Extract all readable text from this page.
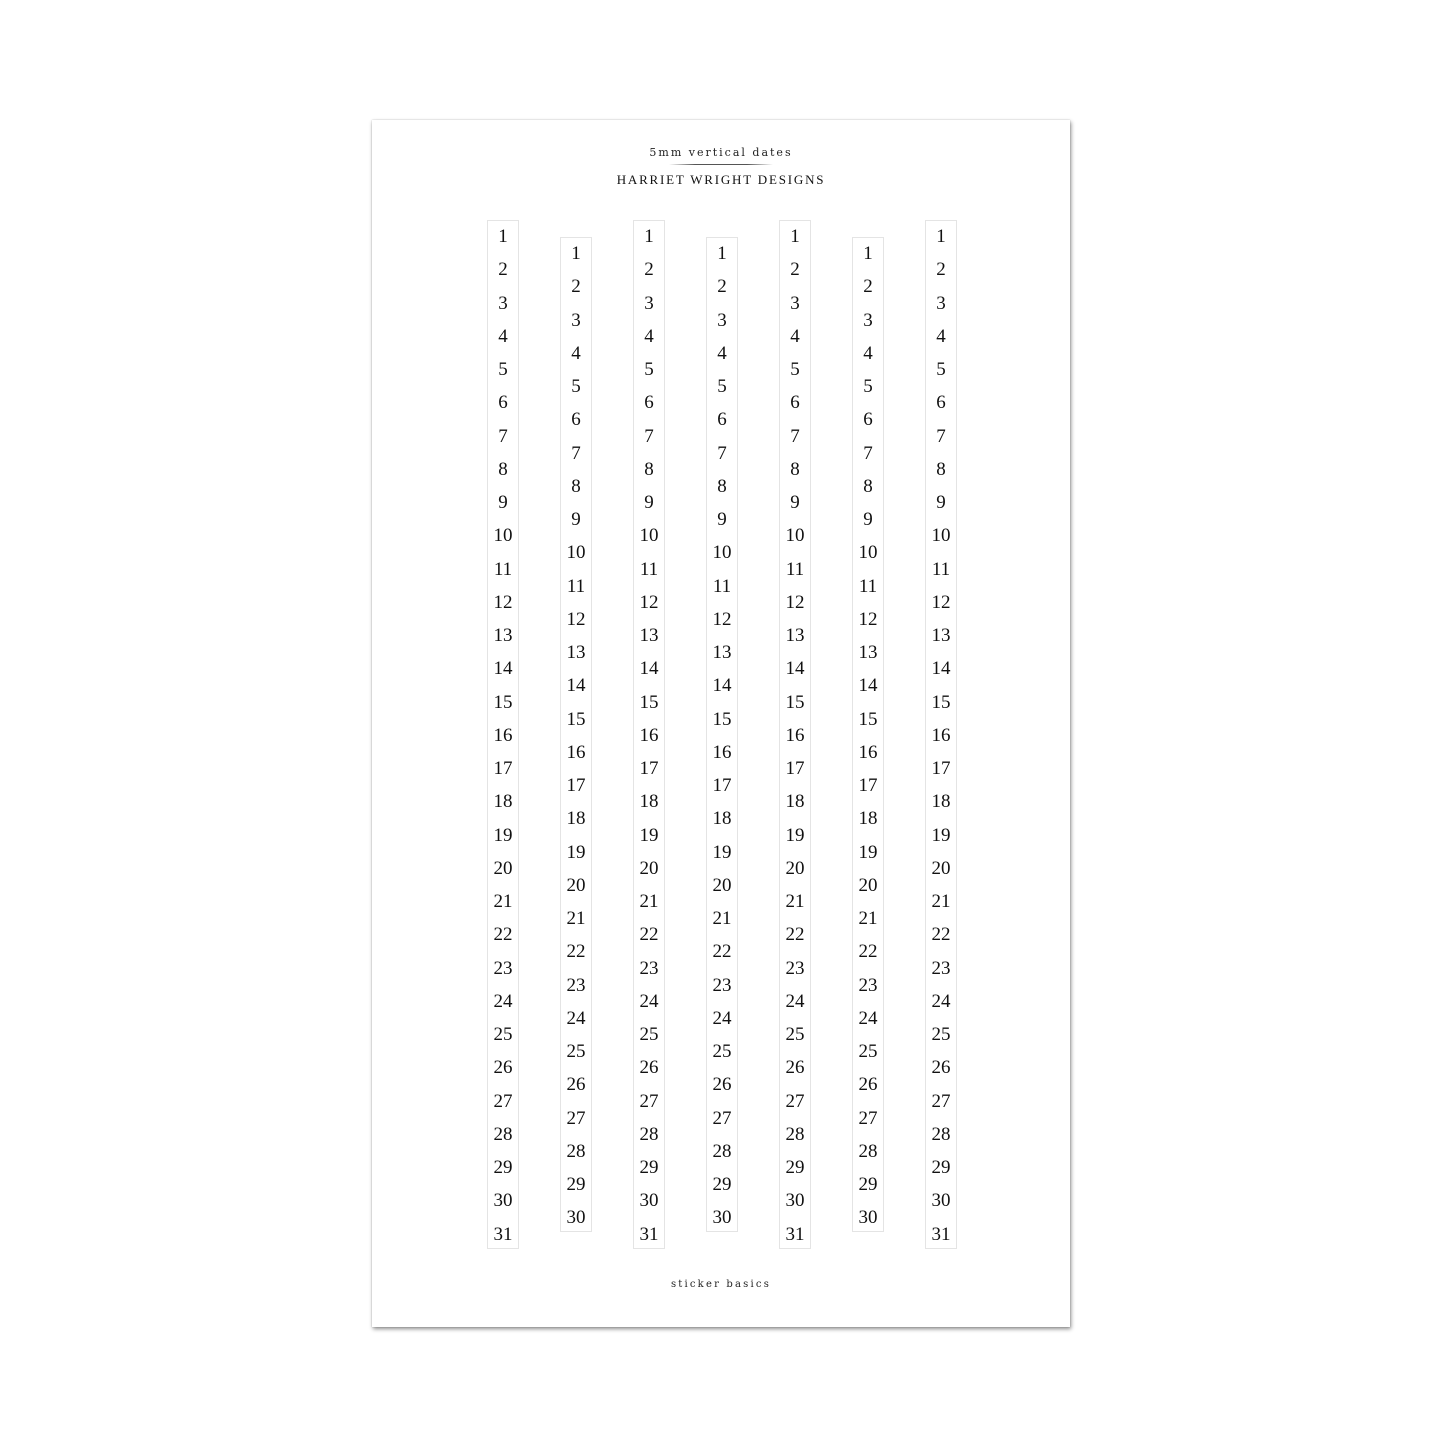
5mm vertical dates
HARRIET WRIGHT DESIGNS
1
2
3
4
5
6
7
8
9
10
11
12
13
14
15
16
17
18
19
20
21
22
23
24
25
26
27
28
29
30
31
1
2
3
4
5
6
7
8
9
10
11
12
13
14
15
16
17
18
19
20
21
22
23
24
25
26
27
28
29
30
1
2
3
4
5
6
7
8
9
10
11
12
13
14
15
16
17
18
19
20
21
22
23
24
25
26
27
28
29
30
31
1
2
3
4
5
6
7
8
9
10
11
12
13
14
15
16
17
18
19
20
21
22
23
24
25
26
27
28
29
30
1
2
3
4
5
6
7
8
9
10
11
12
13
14
15
16
17
18
19
20
21
22
23
24
25
26
27
28
29
30
31
1
2
3
4
5
6
7
8
9
10
11
12
13
14
15
16
17
18
19
20
21
22
23
24
25
26
27
28
29
30
1
2
3
4
5
6
7
8
9
10
11
12
13
14
15
16
17
18
19
20
21
22
23
24
25
26
27
28
29
30
31
sticker basics
